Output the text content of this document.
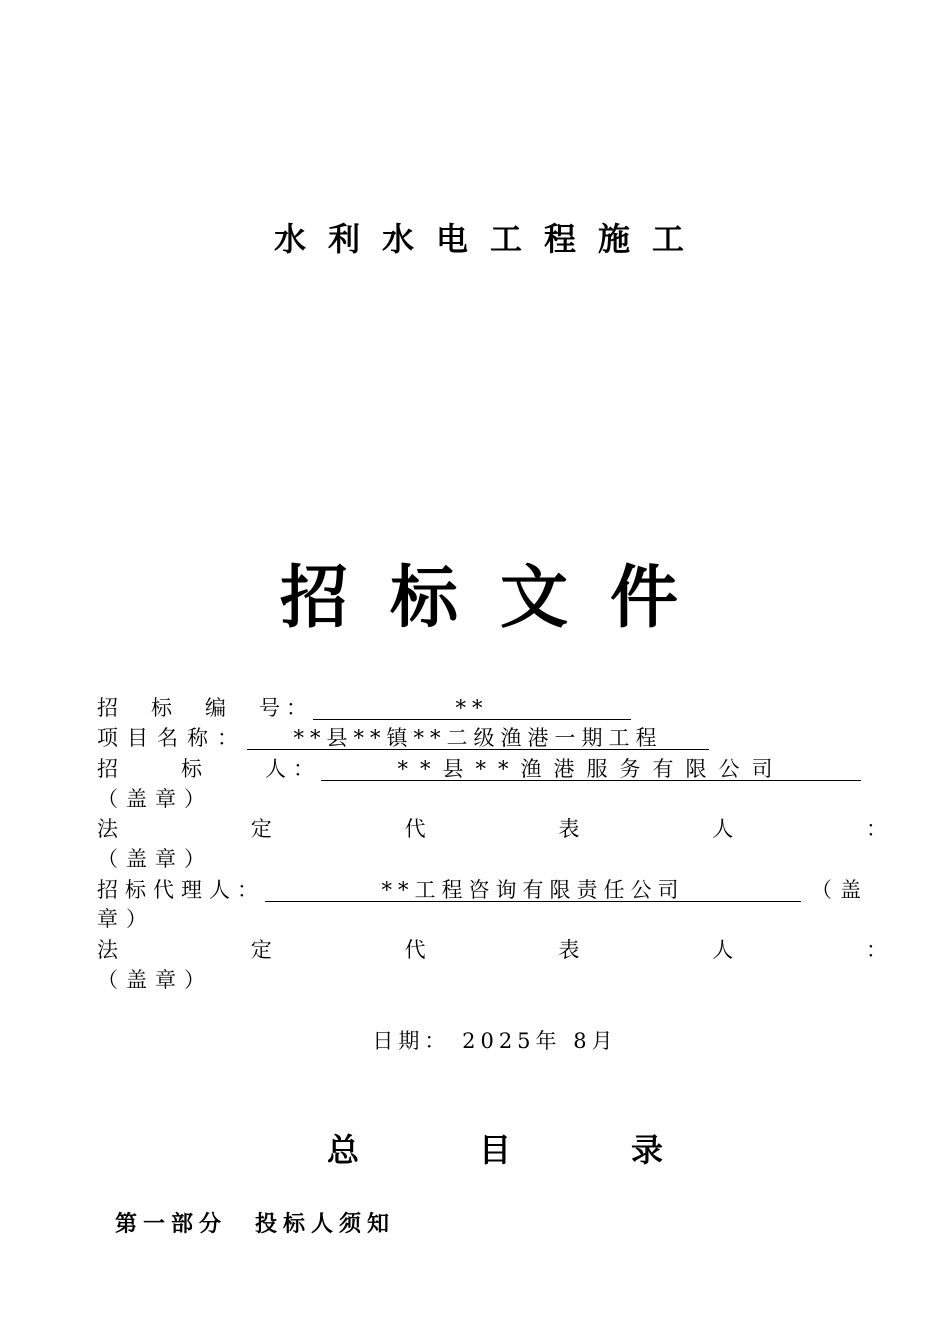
水利水电工程施工
招标文件
招　标　编　号：	**
项目名称： **县**镇**二级渔港一期工程
招　　标　　人：	**县**渔港服务有限公司
（盖章）
法	定	代	表	人	：
（盖章）
招标代理人：	**工程咨询有限责任公司	（盖
章）
法	定	代	表	人	：
（盖章）
日期： 2025年 8月
总	目	录
第一部分　投标人须知
